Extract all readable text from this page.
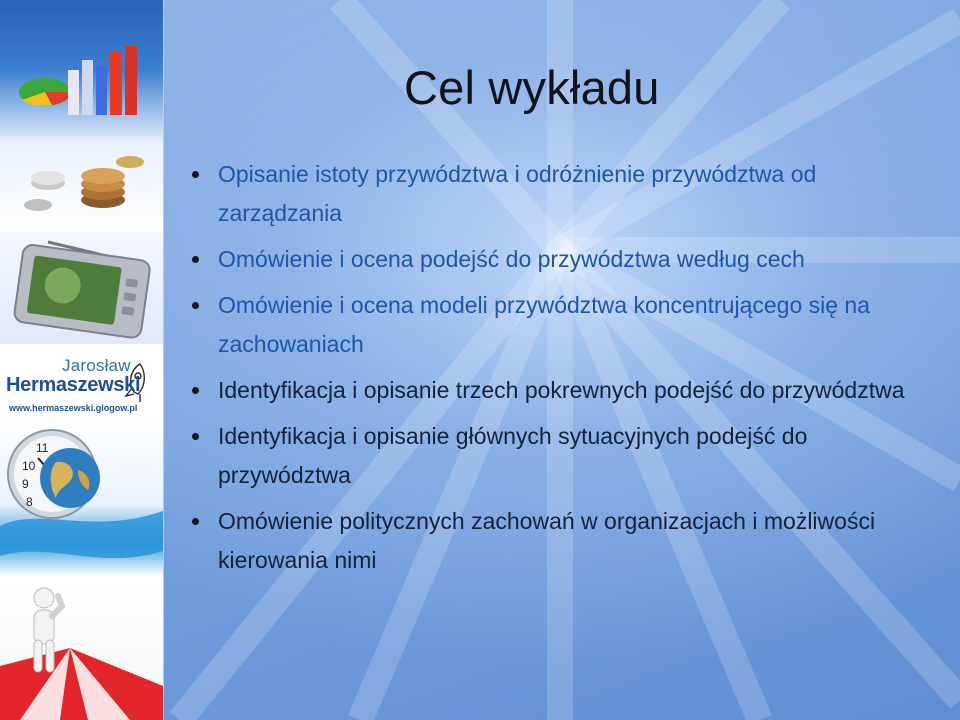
Jarosław
Hermaszewski
www.hermaszewski.glogow.pl
11
10
9
8
Cel wykładu
Opisanie istoty przywództwa i odróżnienie przywództwa od zarządzania
Omówienie i ocena podejść do przywództwa według cech
Omówienie i ocena modeli przywództwa koncentrującego się na zachowaniach
Identyfikacja i opisanie trzech pokrewnych podejść do przywództwa
Identyfikacja i opisanie głównych sytuacyjnych podejść do przywództwa
Omówienie politycznych zachowań w organizacjach i możliwości kierowania nimi
